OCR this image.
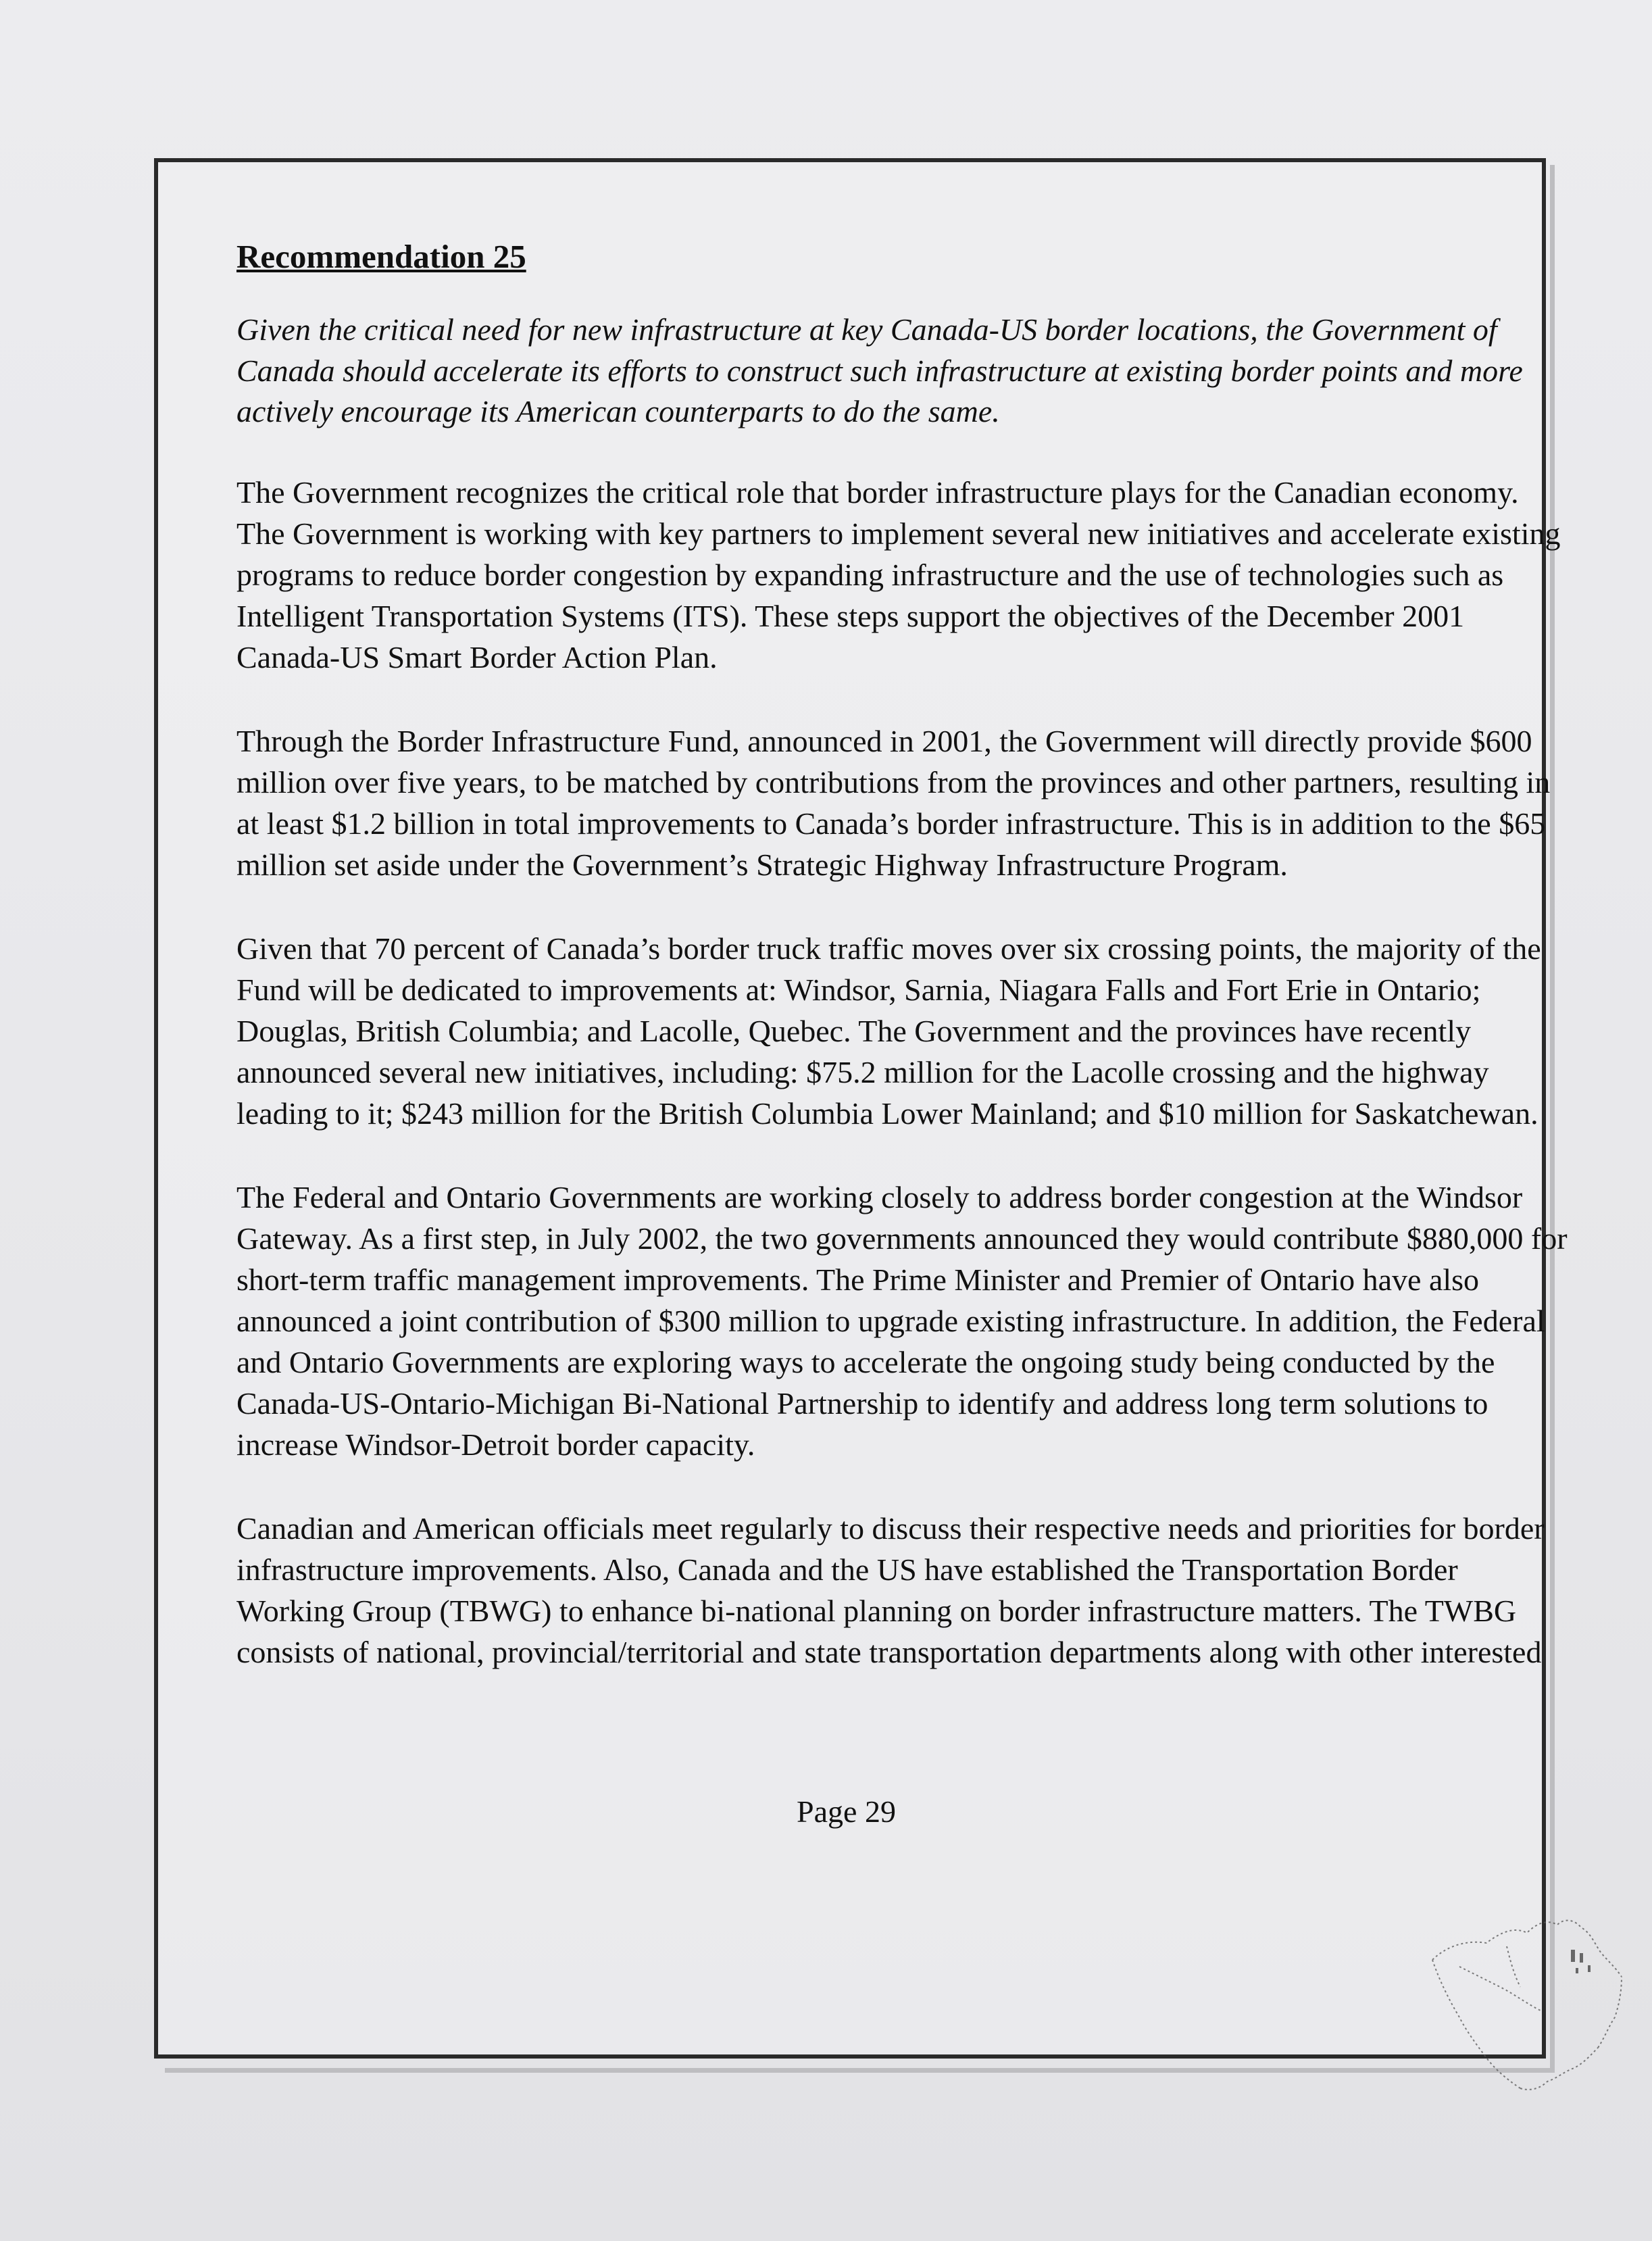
Recommendation 25

Given the critical need for new infrastructure at key Canada-US border locations, the Government of Canada should accelerate its efforts to construct such infrastructure at existing border points and more actively encourage its American counterparts to do the same.

The Government recognizes the critical role that border infrastructure plays for the Canadian economy. The Government is working with key partners to implement several new initiatives and accelerate existing programs to reduce border congestion by expanding infrastructure and the use of technologies such as Intelligent Transportation Systems (ITS). These steps support the objectives of the December 2001 Canada-US Smart Border Action Plan.

Through the Border Infrastructure Fund, announced in 2001, the Government will directly provide $600 million over five years, to be matched by contributions from the provinces and other partners, resulting in at least $1.2 billion in total improvements to Canada’s border infrastructure. This is in addition to the $65 million set aside under the Government’s Strategic Highway Infrastructure Program.

Given that 70 percent of Canada’s border truck traffic moves over six crossing points, the majority of the Fund will be dedicated to improvements at: Windsor, Sarnia, Niagara Falls and Fort Erie in Ontario; Douglas, British Columbia; and Lacolle, Quebec. The Government and the provinces have recently announced several new initiatives, including: $75.2 million for the Lacolle crossing and the highway leading to it; $243 million for the British Columbia Lower Mainland; and $10 million for Saskatchewan.

The Federal and Ontario Governments are working closely to address border congestion at the Windsor Gateway. As a first step, in July 2002, the two governments announced they would contribute $880,000 for short-term traffic management improvements. The Prime Minister and Premier of Ontario have also announced a joint contribution of $300 million to upgrade existing infrastructure. In addition, the Federal and Ontario Governments are exploring ways to accelerate the ongoing study being conducted by the Canada-US-Ontario-Michigan Bi-National Partnership to identify and address long term solutions to increase Windsor-Detroit border capacity.

Canadian and American officials meet regularly to discuss their respective needs and priorities for border infrastructure improvements. Also, Canada and the US have established the Transportation Border Working Group (TBWG) to enhance bi-national planning on border infrastructure matters. The TWBG consists of national, provincial/territorial and state transportation departments along with other interested

Page 29
